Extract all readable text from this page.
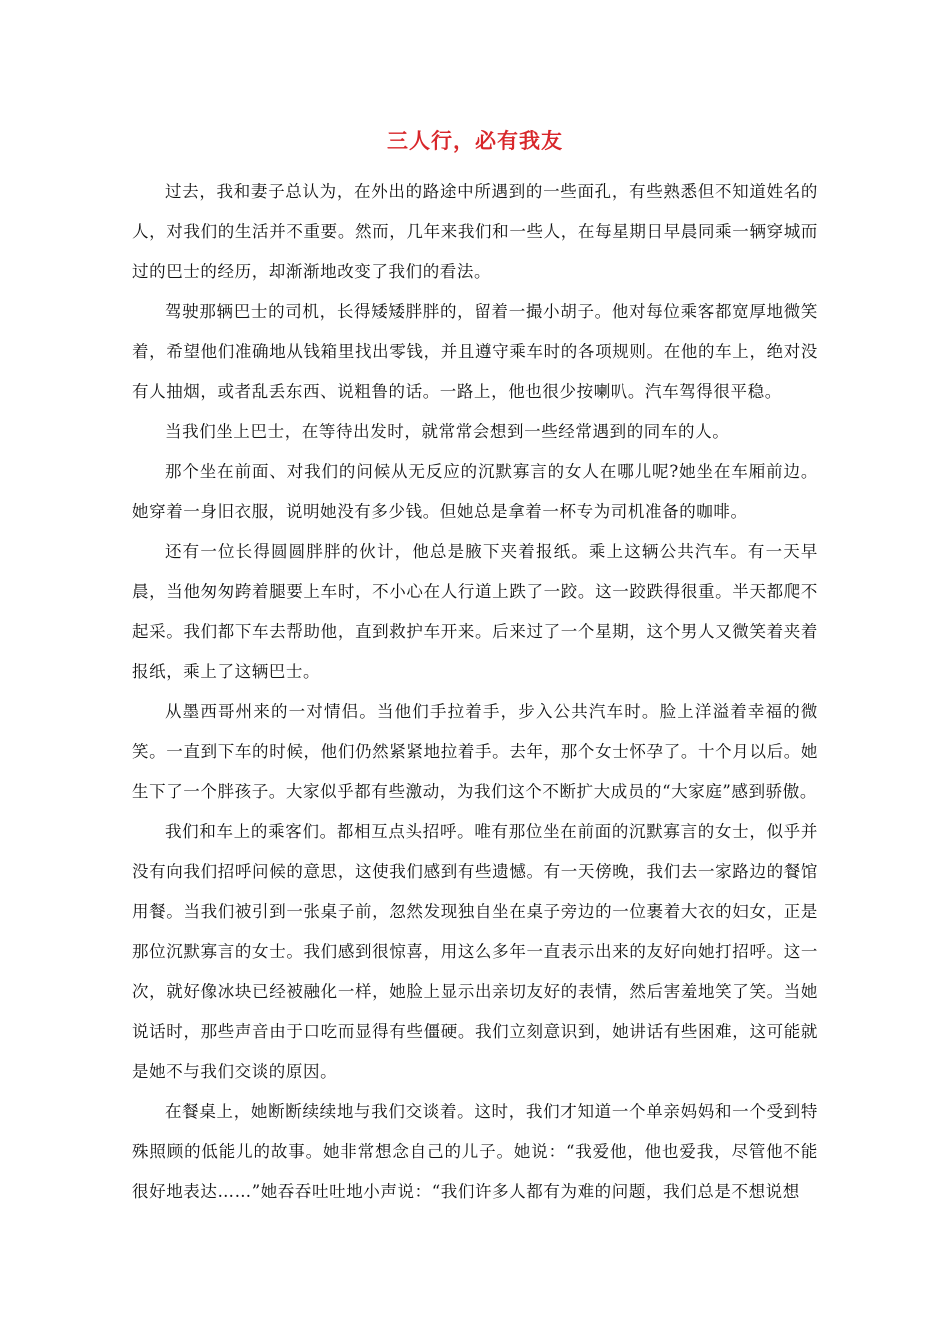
三人行，必有我友

过去，我和妻子总认为，在外出的路途中所遇到的一些面孔，有些熟悉但不知道姓名的人，对我们的生活并不重要。然而，几年来我们和一些人，在每星期日早晨同乘一辆穿城而过的巴士的经历，却渐渐地改变了我们的看法。

驾驶那辆巴士的司机，长得矮矮胖胖的，留着一撮小胡子。他对每位乘客都宽厚地微笑着，希望他们准确地从钱箱里找出零钱，并且遵守乘车时的各项规则。在他的车上，绝对没有人抽烟，或者乱丢东西、说粗鲁的话。一路上，他也很少按喇叭。汽车驾得很平稳。

当我们坐上巴士，在等待出发时，就常常会想到一些经常遇到的同车的人。

那个坐在前面、对我们的问候从无反应的沉默寡言的女人在哪儿呢?她坐在车厢前边。她穿着一身旧衣服，说明她没有多少钱。但她总是拿着一杯专为司机准备的咖啡。

还有一位长得圆圆胖胖的伙计，他总是腋下夹着报纸。乘上这辆公共汽车。有一天早晨，当他匆匆跨着腿要上车时，不小心在人行道上跌了一跤。这一跤跌得很重。半天都爬不起采。我们都下车去帮助他，直到救护车开来。后来过了一个星期，这个男人又微笑着夹着报纸，乘上了这辆巴士。

从墨西哥州来的一对情侣。当他们手拉着手，步入公共汽车时。脸上洋溢着幸福的微笑。一直到下车的时候，他们仍然紧紧地拉着手。去年，那个女士怀孕了。十个月以后。她生下了一个胖孩子。大家似乎都有些激动，为我们这个不断扩大成员的“大家庭”感到骄傲。

我们和车上的乘客们。都相互点头招呼。唯有那位坐在前面的沉默寡言的女士，似乎并没有向我们招呼问候的意思，这使我们感到有些遗憾。有一天傍晚，我们去一家路边的餐馆用餐。当我们被引到一张桌子前，忽然发现独自坐在桌子旁边的一位裹着大衣的妇女，正是那位沉默寡言的女士。我们感到很惊喜，用这么多年一直表示出来的友好向她打招呼。这一次，就好像冰块已经被融化一样，她脸上显示出亲切友好的表情，然后害羞地笑了笑。当她说话时，那些声音由于口吃而显得有些僵硬。我们立刻意识到，她讲话有些困难，这可能就是她不与我们交谈的原因。

在餐桌上，她断断续续地与我们交谈着。这时，我们才知道一个单亲妈妈和一个受到特殊照顾的低能儿的故事。她非常想念自己的儿子。她说：“我爱他，他也爱我，尽管他不能很好地表达……”她吞吞吐吐地小声说：“我们许多人都有为难的问题，我们总是不想说想
